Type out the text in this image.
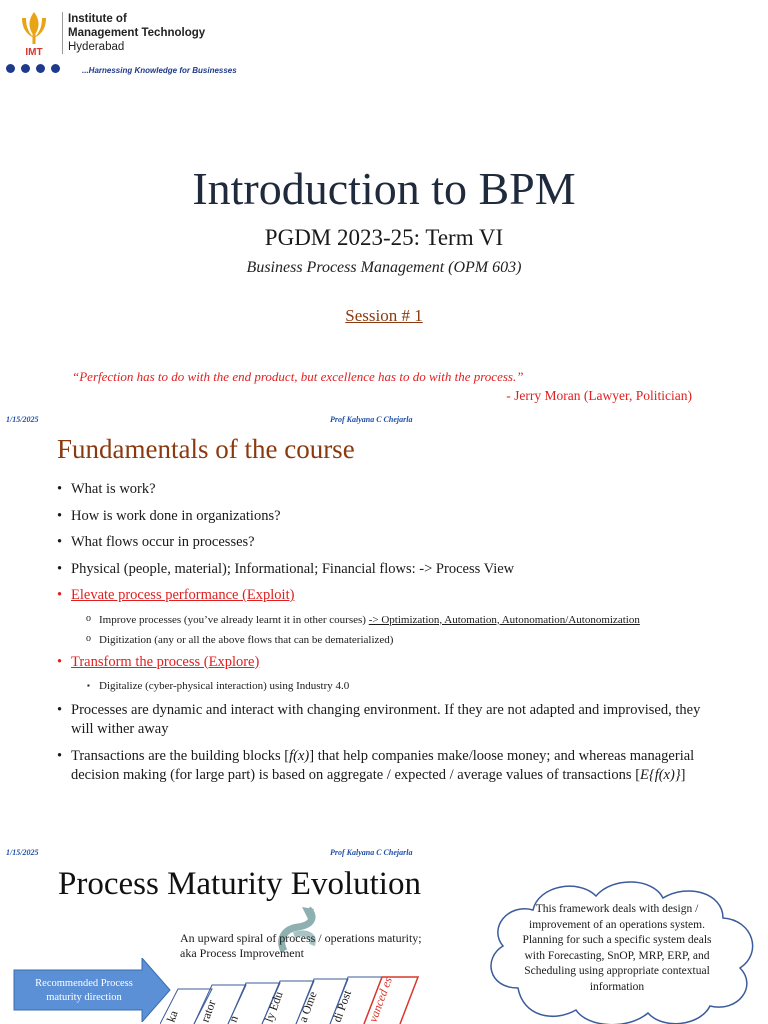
IMT
Institute of
Management Technology
Hyderabad
...Harnessing Knowledge for Businesses
Introduction to BPM
PGDM 2023-25: Term VI
Business Process Management (OPM 603)
Session # 1
“Perfection has to do with the end product, but excellence has to do with the process.”
- Jerry Moran (Lawyer, Politician)
1/15/2025	Prof Kalyana C Chejarla
Fundamentals of the course
• What is work?
• How is work done in organizations?
• What flows occur in processes?
• Physical (people, material); Informational; Financial flows: -> Process View
• Elevate process performance (Exploit)
o Improve processes (you’ve already learnt it in other courses) -> Optimization, Automation, Autonomation/Autonomization
o Digitization (any or all the above flows that can be dematerialized)
• Transform the process (Explore)
▪ Digitalize (cyber-physical interaction) using Industry 4.0
• Processes are dynamic and interact with changing environment. If they are not adapted and improvised, they will wither away
• Transactions are the building blocks [f(x)] that help companies make/loose money; and whereas managerial decision making (for large part) is based on aggregate / expected / average values of transactions [E{f(x)}]
1/15/2025	Prof Kalyana C Chejarla
Process Maturity Evolution
An upward spiral of process / operations maturity; aka Process Improvement
This framework deals with design / improvement of an operations system. Planning for such a specific system deals with Forecasting, SnOP, MRP, ERP, and Scheduling using appropriate contextual information
Recommended Process maturity direction
ka rator n ly Edu a Ome di Post vanced es
